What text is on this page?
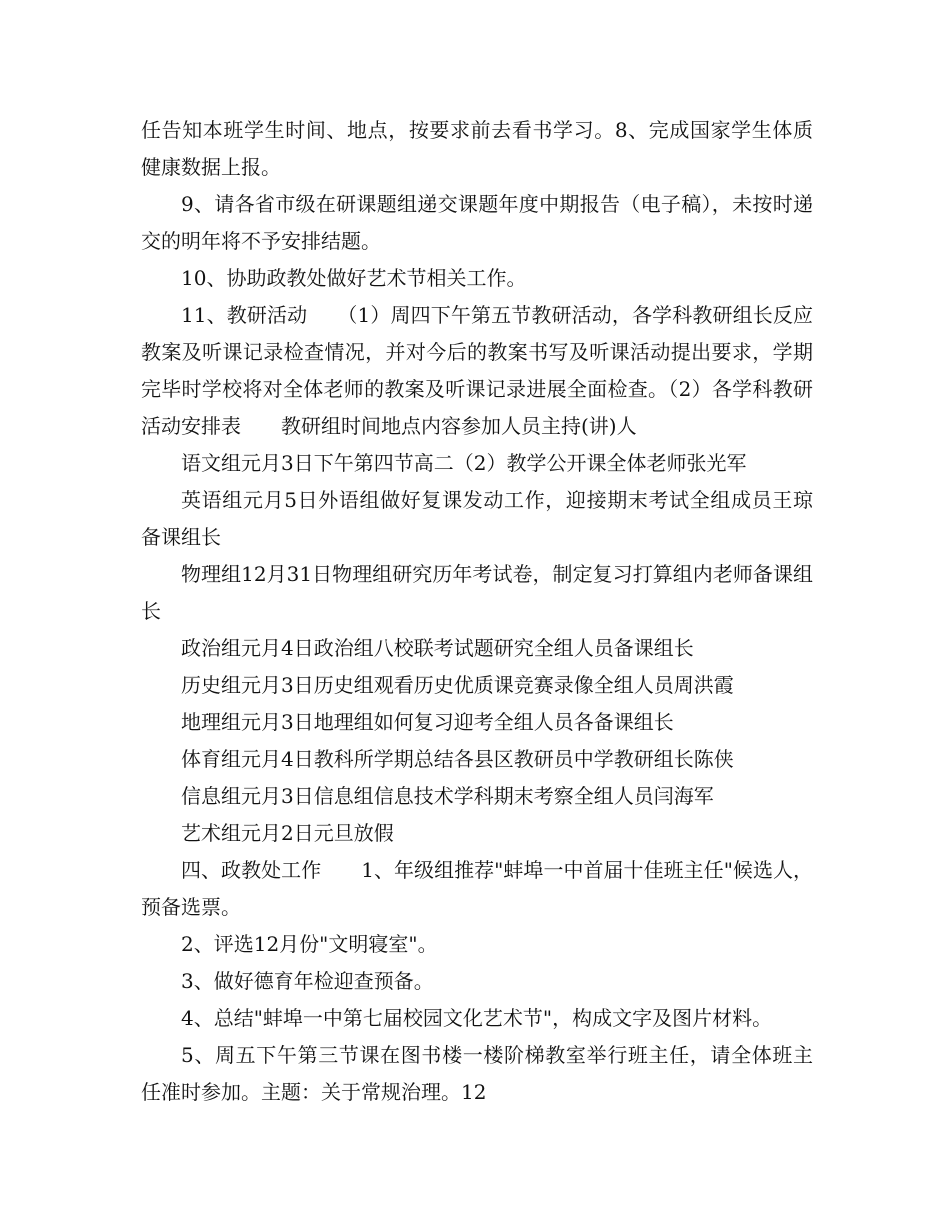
任告知本班学生时间、地点，按要求前去看书学习。8、完成国家学生体质健康数据上报。

9、请各省市级在研课题组递交课题年度中期报告（电子稿），未按时递交的明年将不予安排结题。

10、协助政教处做好艺术节相关工作。

11、教研活动　　（1）周四下午第五节教研活动，各学科教研组长反应教案及听课记录检查情况，并对今后的教案书写及听课活动提出要求，学期完毕时学校将对全体老师的教案及听课记录进展全面检查。（2）各学科教研活动安排表　　教研组时间地点内容参加人员主持(讲)人

语文组元月3日下午第四节高二（2）教学公开课全体老师张光军

英语组元月5日外语组做好复课发动工作，迎接期末考试全组成员王琼备课组长

物理组12月31日物理组研究历年考试卷，制定复习打算组内老师备课组长

政治组元月4日政治组八校联考试题研究全组人员备课组长

历史组元月3日历史组观看历史优质课竞赛录像全组人员周洪霞

地理组元月3日地理组如何复习迎考全组人员各备课组长

体育组元月4日教科所学期总结各县区教研员中学教研组长陈侠

信息组元月3日信息组信息技术学科期末考察全组人员闫海军

艺术组元月2日元旦放假

四、政教处工作　　1、年级组推荐"蚌埠一中首届十佳班主任"候选人，预备选票。

2、评选12月份"文明寝室"。

3、做好德育年检迎查预备。

4、总结"蚌埠一中第七届校园文化艺术节"，构成文字及图片材料。

5、周五下午第三节课在图书楼一楼阶梯教室举行班主任，请全体班主任准时参加。主题：关于常规治理。12
